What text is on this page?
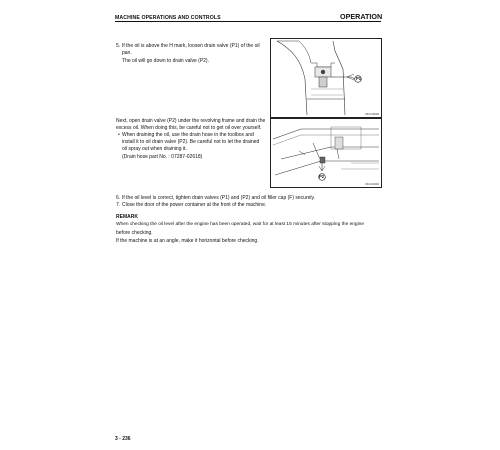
MACHINE OPERATIONS AND CONTROLS	OPERATION
5. If the oil is above the H mark, loosen drain valve (P1) of the oil
pan.
The oil will go down to drain valve (P2).
P1
RKA10030
Next, open drain valve (P2) under the revolving frame and drain the
excess oil. When doing this, be careful not to get oil over yourself.
• When draining the oil, use the drain hose in the toolbox and
install it to oil drain valve (P2). Be careful not to let the drained
oil spray out when draining it.
(Drain hose part No. : 07287-02618)
P2
RKA10040
6. If the oil level is correct, tighten drain valves (P1) and (P2) and oil filler cap (F) securely.
7. Close the door of the power container at the front of the machine.
REMARK
When checking the oil level after the engine has been operated, wait for at least 15 minutes after stopping the engine
before checking.
If the machine is at an angle, make it horizontal before checking.
3 - 236
